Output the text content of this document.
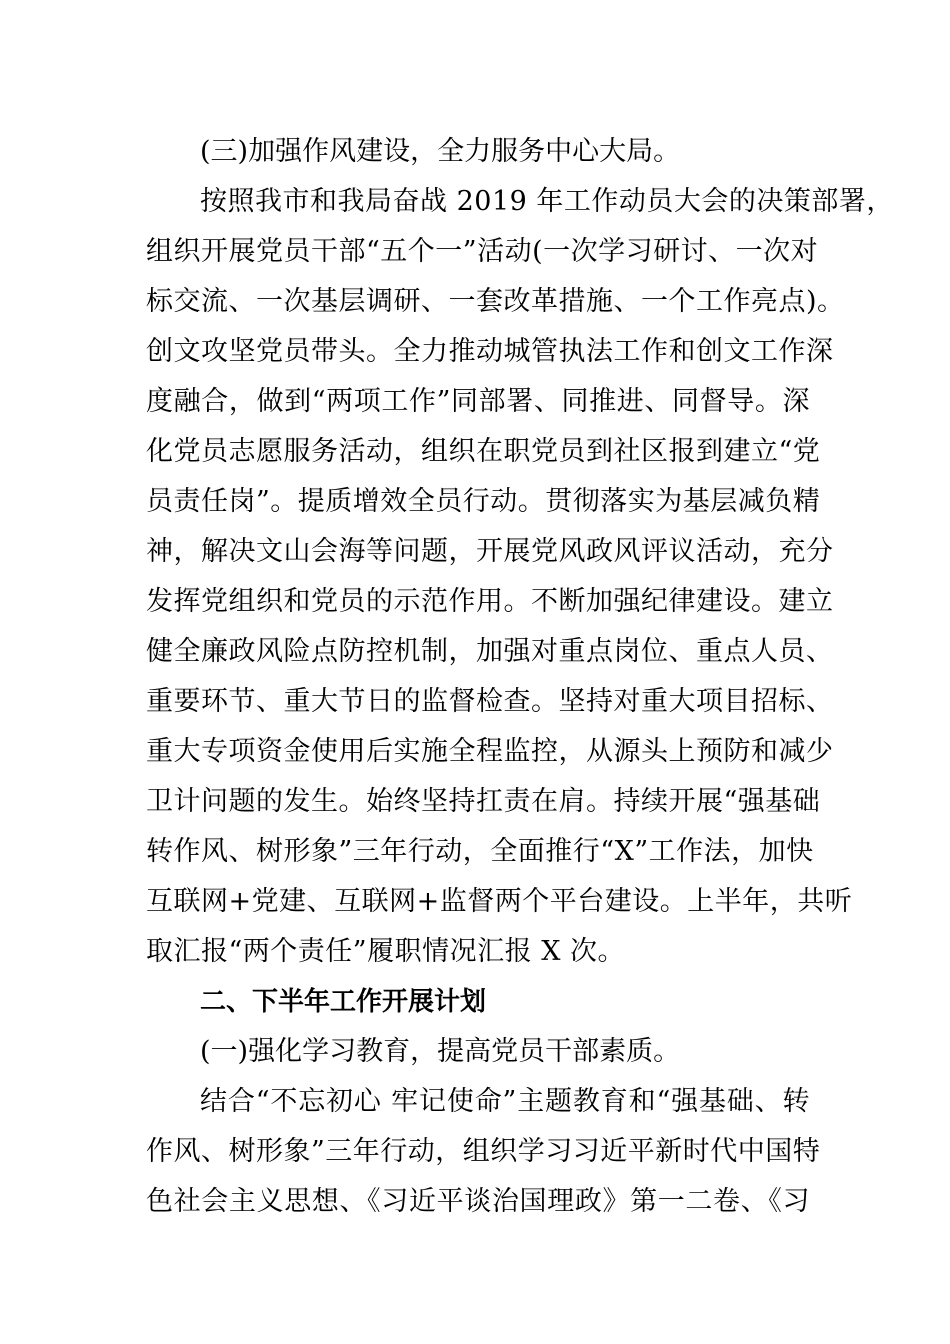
(三)加强作风建设，全力服务中心大局。
按照我市和我局奋战 2019 年工作动员大会的决策部署，
组织开展党员干部“五个一”活动(一次学习研讨、一次对
标交流、一次基层调研、一套改革措施、一个工作亮点)。
创文攻坚党员带头。全力推动城管执法工作和创文工作深
度融合，做到“两项工作”同部署、同推进、同督导。深
化党员志愿服务活动，组织在职党员到社区报到建立“党
员责任岗”。提质增效全员行动。贯彻落实为基层减负精
神，解决文山会海等问题，开展党风政风评议活动，充分
发挥党组织和党员的示范作用。不断加强纪律建设。建立
健全廉政风险点防控机制，加强对重点岗位、重点人员、
重要环节、重大节日的监督检查。坚持对重大项目招标、
重大专项资金使用后实施全程监控，从源头上预防和减少
卫计问题的发生。始终坚持扛责在肩。持续开展“强基础
转作风、树形象”三年行动，全面推行“X”工作法，加快
互联网+党建、互联网+监督两个平台建设。上半年，共听
取汇报“两个责任”履职情况汇报 X 次。
二、下半年工作开展计划
(一)强化学习教育，提高党员干部素质。
结合“不忘初心 牢记使命”主题教育和“强基础、转
作风、树形象”三年行动，组织学习习近平新时代中国特
色社会主义思想、《习近平谈治国理政》第一二卷、《习
